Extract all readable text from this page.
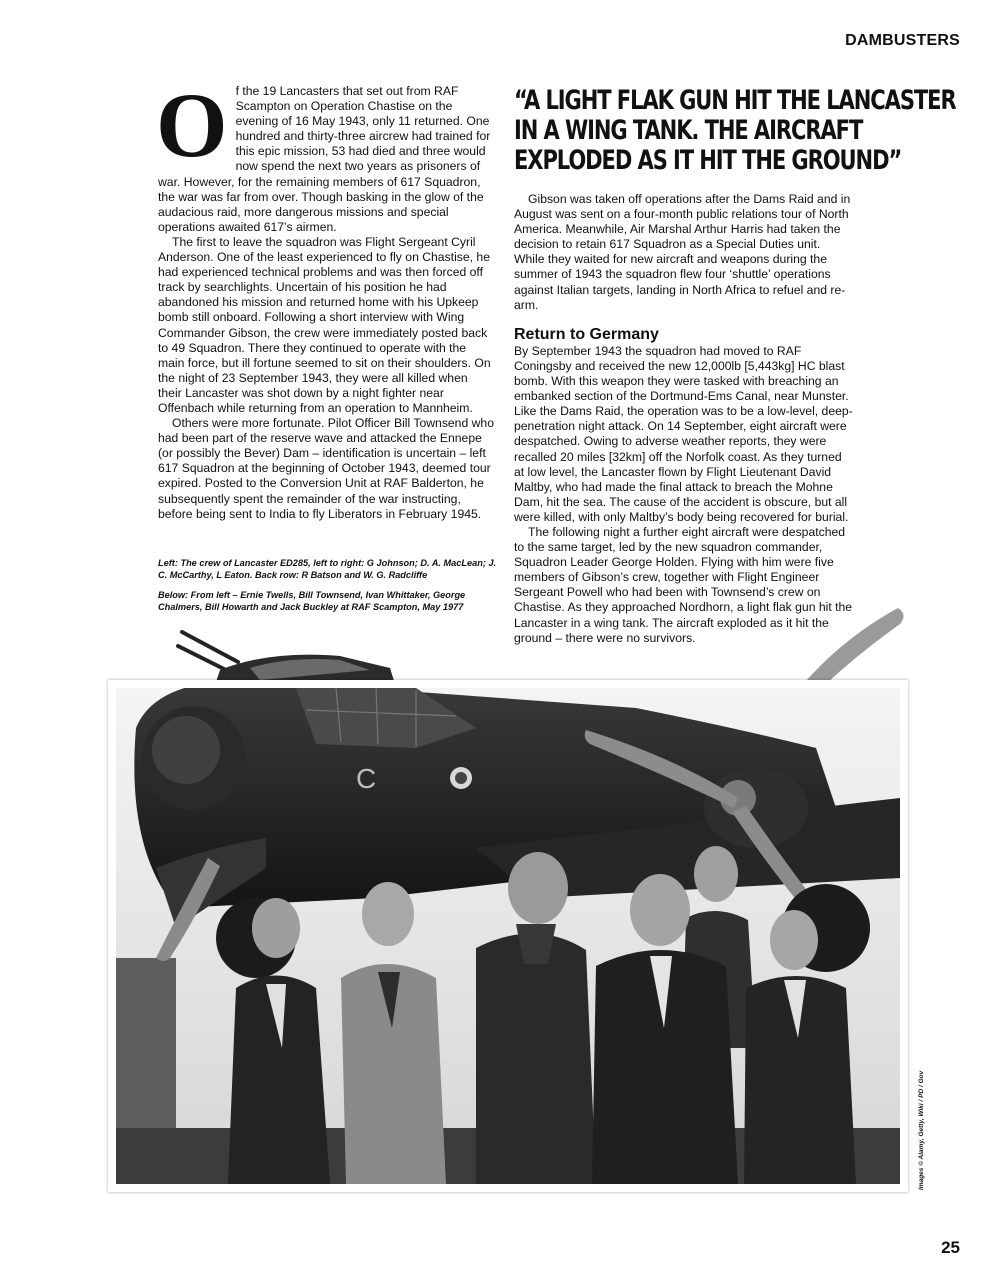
DAMBUSTERS
O f the 19 Lancasters that set out from RAF Scampton on Operation Chastise on the evening of 16 May 1943, only 11 returned. One hundred and thirty-three aircrew had trained for this epic mission, 53 had died and three would now spend the next two years as prisoners of war. However, for the remaining members of 617 Squadron, the war was far from over. Though basking in the glow of the audacious raid, more dangerous missions and special operations awaited 617’s airmen.

The first to leave the squadron was Flight Sergeant Cyril Anderson. One of the least experienced to fly on Chastise, he had experienced technical problems and was then forced off track by searchlights. Uncertain of his position he had abandoned his mission and returned home with his Upkeep bomb still onboard. Following a short interview with Wing Commander Gibson, the crew were immediately posted back to 49 Squadron. There they continued to operate with the main force, but ill fortune seemed to sit on their shoulders. On the night of 23 September 1943, they were all killed when their Lancaster was shot down by a night fighter near Offenbach while returning from an operation to Mannheim.

Others were more fortunate. Pilot Officer Bill Townsend who had been part of the reserve wave and attacked the Ennepe (or possibly the Bever) Dam – identification is uncertain – left 617 Squadron at the beginning of October 1943, deemed tour expired. Posted to the Conversion Unit at RAF Balderton, he subsequently spent the remainder of the war instructing, before being sent to India to fly Liberators in February 1945.

Left: The crew of Lancaster ED285, left to right: G Johnson; D. A. MacLean; J. C. McCarthy, L Eaton. Back row: R Batson and W. G. Radcliffe
Below: From left – Ernie Twells, Bill Townsend, Ivan Whittaker, George Chalmers, Bill Howarth and Jack Buckley at RAF Scampton, May 1977
“A LIGHT FLAK GUN HIT THE LANCASTER
IN A WING TANK. THE AIRCRAFT
EXPLODED AS IT HIT THE GROUND”

Gibson was taken off operations after the Dams Raid and in August was sent on a four-month public relations tour of North America. Meanwhile, Air Marshal Arthur Harris had taken the decision to retain 617 Squadron as a Special Duties unit. While they waited for new aircraft and weapons during the summer of 1943 the squadron flew four ‘shuttle’ operations against Italian targets, landing in North Africa to refuel and re-arm.

Return to Germany

By September 1943 the squadron had moved to RAF Coningsby and received the new 12,000lb [5,443kg] HC blast bomb. With this weapon they were tasked with breaching an embanked section of the Dortmund-Ems Canal, near Munster. Like the Dams Raid, the operation was to be a low-level, deep-penetration night attack. On 14 September, eight aircraft were despatched. Owing to adverse weather reports, they were recalled 20 miles [32km] off the Norfolk coast. As they turned at low level, the Lancaster flown by Flight Lieutenant David Maltby, who had made the final attack to breach the Mohne Dam, hit the sea. The cause of the accident is obscure, but all were killed, with only Maltby’s body being recovered for burial.

The following night a further eight aircraft were despatched to the same target, led by the new squadron commander, Squadron Leader George Holden. Flying with him were five members of Gibson’s crew, together with Flight Engineer Sergeant Powell who had been with Townsend’s crew on Chastise. As they approached Nordhorn, a light flak gun hit the Lancaster in a wing tank. The aircraft exploded as it hit the ground – there were no survivors.

C
Images © Alamy, Getty, Wiki / PD / Gov
25
